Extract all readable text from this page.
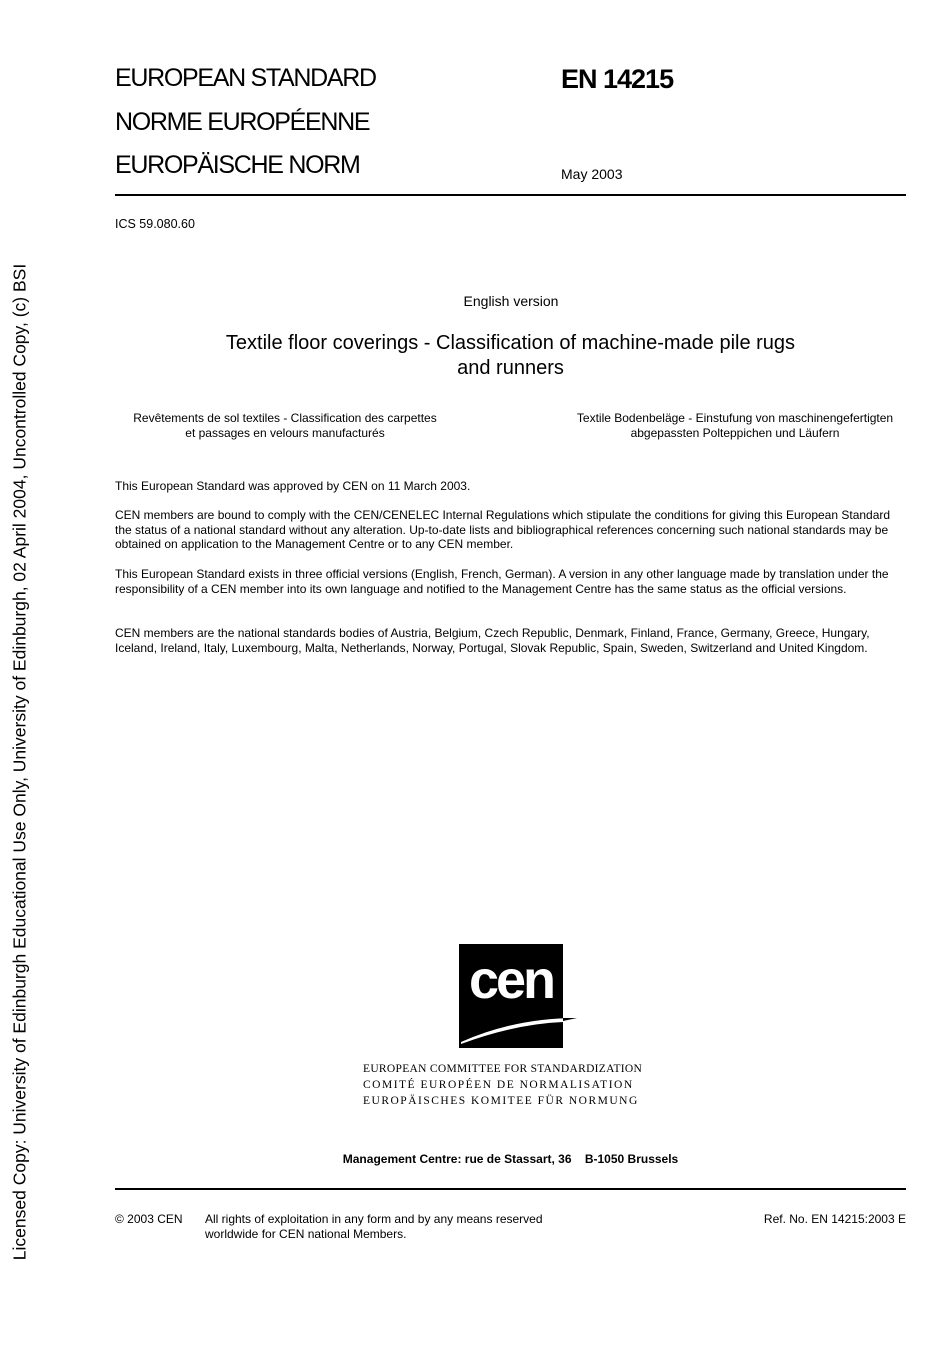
Licensed Copy: University of Edinburgh Educational Use Only, University of Edinburgh, 02 April 2004, Uncontrolled Copy, (c) BSI
EUROPEAN STANDARD
NORME EUROPÉENNE
EUROPÄISCHE NORM
EN 14215
May 2003
ICS 59.080.60
English version
Textile floor coverings - Classification of machine-made pile rugs
and runners
Revêtements de sol textiles - Classification des carpettes
et passages en velours manufacturés
Textile Bodenbeläge - Einstufung von maschinengefertigten
abgepassten Polteppichen und Läufern
This European Standard was approved by CEN on 11 March 2003.
CEN members are bound to comply with the CEN/CENELEC Internal Regulations which stipulate the conditions for giving this European Standard the status of a national standard without any alteration. Up-to-date lists and bibliographical references concerning such national standards may be obtained on application to the Management Centre or to any CEN member.
This European Standard exists in three official versions (English, French, German). A version in any other language made by translation under the responsibility of a CEN member into its own language and notified to the Management Centre has the same status as the official versions.
CEN members are the national standards bodies of Austria, Belgium, Czech Republic, Denmark, Finland, France, Germany, Greece, Hungary, Iceland, Ireland, Italy, Luxembourg, Malta, Netherlands, Norway, Portugal, Slovak Republic, Spain, Sweden, Switzerland and United Kingdom.
cen
EUROPEAN COMMITTEE FOR STANDARDIZATION
COMITÉ EUROPÉEN DE NORMALISATION
EUROPÄISCHES KOMITEE FÜR NORMUNG
Management Centre: rue de Stassart, 36    B-1050 Brussels
© 2003 CEN All rights of exploitation in any form and by any means reserved
worldwide for CEN national Members.
Ref. No. EN 14215:2003 E
